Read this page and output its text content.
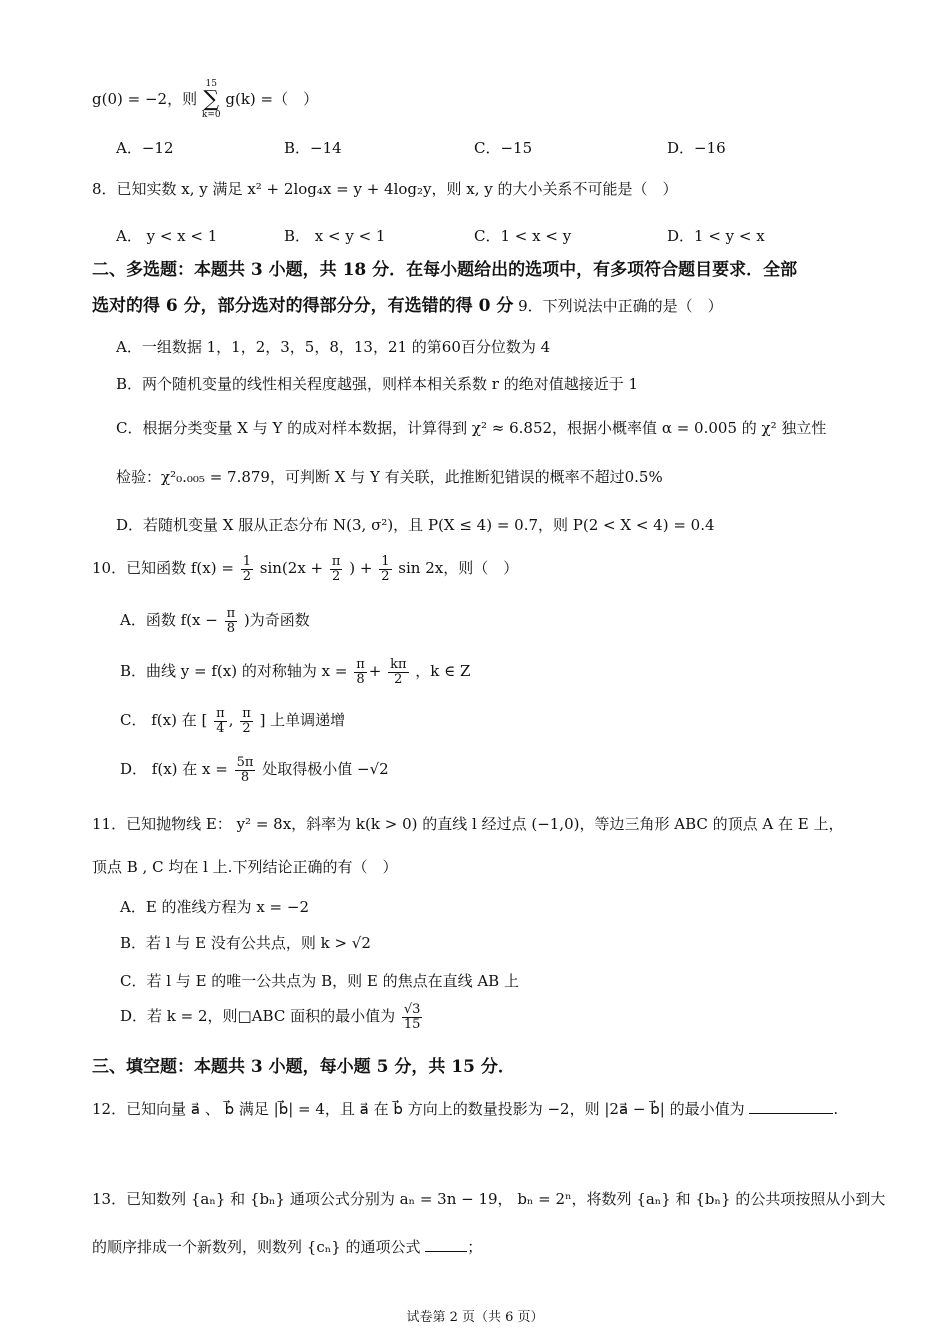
g(0) = −2，则 15
∑
k=0 g(k) =（　）
A．−12	B．−14	C．−15	D．−16
8．已知实数 x, y 满足 x² + 2log₄x = y + 4log₂y，则 x, y 的大小关系不可能是（　）
A． y < x < 1	B． x < y < 1	C．1 < x < y	D．1 < y < x
二、多选题：本题共 3 小题，共 18 分．在每小题给出的选项中，有多项符合题目要求．全部
选对的得 6 分，部分选对的得部分分，有选错的得 0 分 9．下列说法中正确的是（　）
A．一组数据 1，1，2，3，5，8，13，21 的第60百分位数为 4
B．两个随机变量的线性相关程度越强，则样本相关系数 r 的绝对值越接近于 1
C．根据分类变量 X 与 Y 的成对样本数据，计算得到 χ² ≈ 6.852，根据小概率值 α = 0.005 的 χ² 独立性
检验：χ²₀.₀₀₅ = 7.879，可判断 X 与 Y 有关联，此推断犯错误的概率不超过0.5%
D．若随机变量 X 服从正态分布 N(3, σ²)，且 P(X ≤ 4) = 0.7，则 P(2 < X < 4) = 0.4
10．已知函数 $f(x) = \frac{1}{2} \sin(2x + \frac{\pi}{2}$ ) + $\frac{1}{2}$ sin 2x，则（　）
A．函数 $f(x - \frac{\pi}{8}$ )为奇函数
B．曲线 y = f(x) 的对称轴为 $x = \frac{\pi}{8} + \frac{k\pi}{2}$ ，k ∈ Z
C． f(x) 在 [ $\frac{\pi}{4}$ , $\frac{\pi}{2}$ ] 上单调递增
D． f(x) 在 $x = \frac{5\pi}{8}$ 处取得极小值 −√2
11．已知抛物线 E： y² = 8x，斜率为 k(k > 0) 的直线 l 经过点 (−1,0)，等边三角形 ABC 的顶点 A 在 E 上，
顶点 B , C 均在 l 上.下列结论正确的有（　）
A．E 的准线方程为 x = −2
B．若 l 与 E 没有公共点，则 k > √2
C．若 l 与 E 的唯一公共点为 B，则 E 的焦点在直线 AB 上
D．若 k = 2，则□ABC 面积的最小值为 $\frac{√3}{15}$
三、填空题：本题共 3 小题，每小题 5 分，共 15 分．
12．已知向量 a⃗ 、 b⃗ 满足 |b⃗| = 4，且 a⃗ 在 b⃗ 方向上的数量投影为 −2，则 |2a⃗ − b⃗| 的最小值为	.
13．已知数列 {aₙ} 和 {bₙ} 通项公式分别为 aₙ = 3n − 19， bₙ = 2ⁿ，将数列 {aₙ} 和 {bₙ} 的公共项按照从小到大
的顺序排成一个新数列，则数列 {cₙ} 的通项公式	；
试卷第 2 页（共 6 页）
